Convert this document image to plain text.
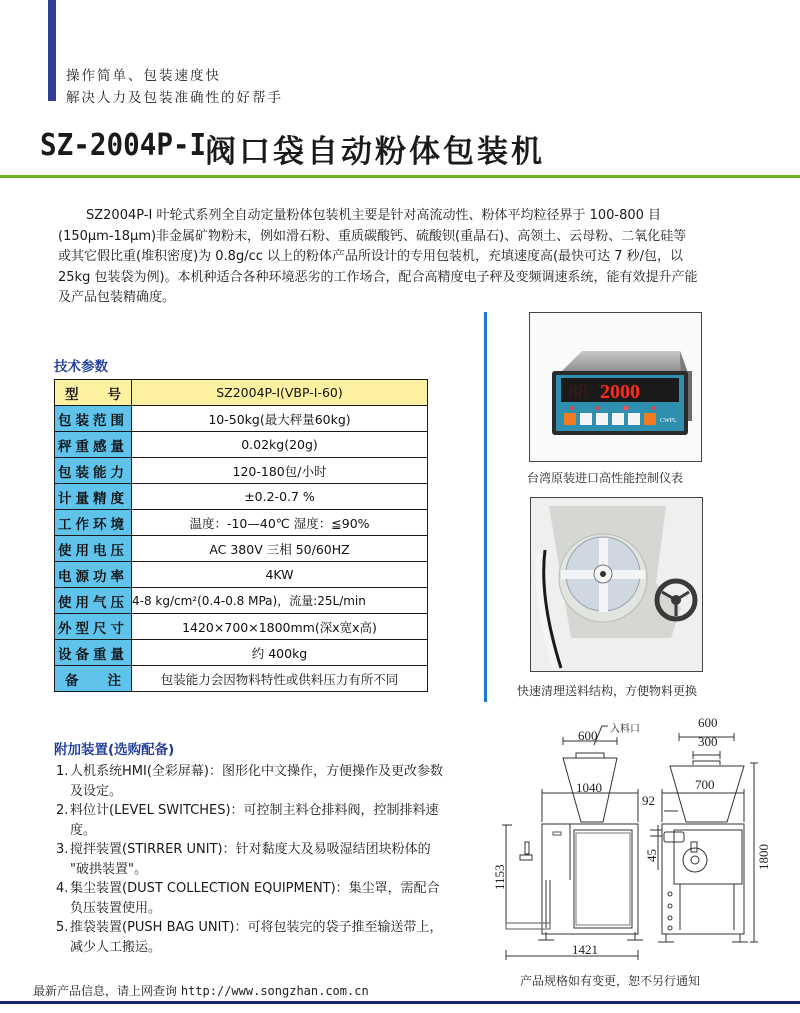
操作简单、包装速度快
解决人力及包装准确性的好帮手
SZ-2004P-I
阀口袋自动粉体包装机
SZ2004P-I 叶轮式系列全自动定量粉体包装机主要是针对高流动性、粉体平均粒径界于 100-800 目(150μm-18μm)非金属矿物粉末，例如滑石粉、重质碳酸钙、硫酸钡(重晶石)、高领土、云母粉、二氧化硅等或其它假比重(堆积密度)为 0.8g/cc 以上的粉体产品所设计的专用包装机，充填速度高(最快可达 7 秒/包，以 25kg 包装袋为例)。本机种适合各种环境恶劣的工作场合，配合高精度电子秤及变频调速系统，能有效提升产能及产品包装精确度。
技术参数
型 号	SZ2004P-I(VBP-I-60)
包装范围	10-50kg(最大秤量60kg)
秤重感量	0.02kg(20g)
包装能力	120-180包/小时
计量精度	±0.2-0.7 %
工作环境	温度：-10—40℃ 湿度：≦90%
使用电压	AC 380V 三相 50/60HZ
电源功率	4KW
使用气压	4-8 kg/cm²(0.4-0.8 MPa)，流量:25L/min
外型尺寸	1420×700×1800mm(深x宽x高)
设备重量	约 400kg

备 注	包装能力会因物料特性或供料压力有所不同
附加装置(选购配备)
1. 人机系统HMI(全彩屏幕)：图形化中文操作，方便操作及更改参数及设定。
2. 料位计(LEVEL SWITCHES)：可控制主料仓排料阀，控制排料速度。
3. 搅拌装置(STIRRER UNIT)：针对黏度大及易吸湿结团块粉体的 "破拱装置"。
4. 集尘装置(DUST COLLECTION EQUIPMENT)：集尘罩，需配合负压装置使用。
5. 推袋装置(PUSH BAG UNIT)：可将包装完的袋子推至输送带上，减少人工搬运。
2000
88
CWPL
台湾原装进口高性能控制仪表
快速清理送料结构，方便物料更换
600 入料口
1040
1421
1153
600
300
700
92
45	1800
产品规格如有变更，恕不另行通知
最新产品信息，请上网查询 http://www.songzhan.com.cn
